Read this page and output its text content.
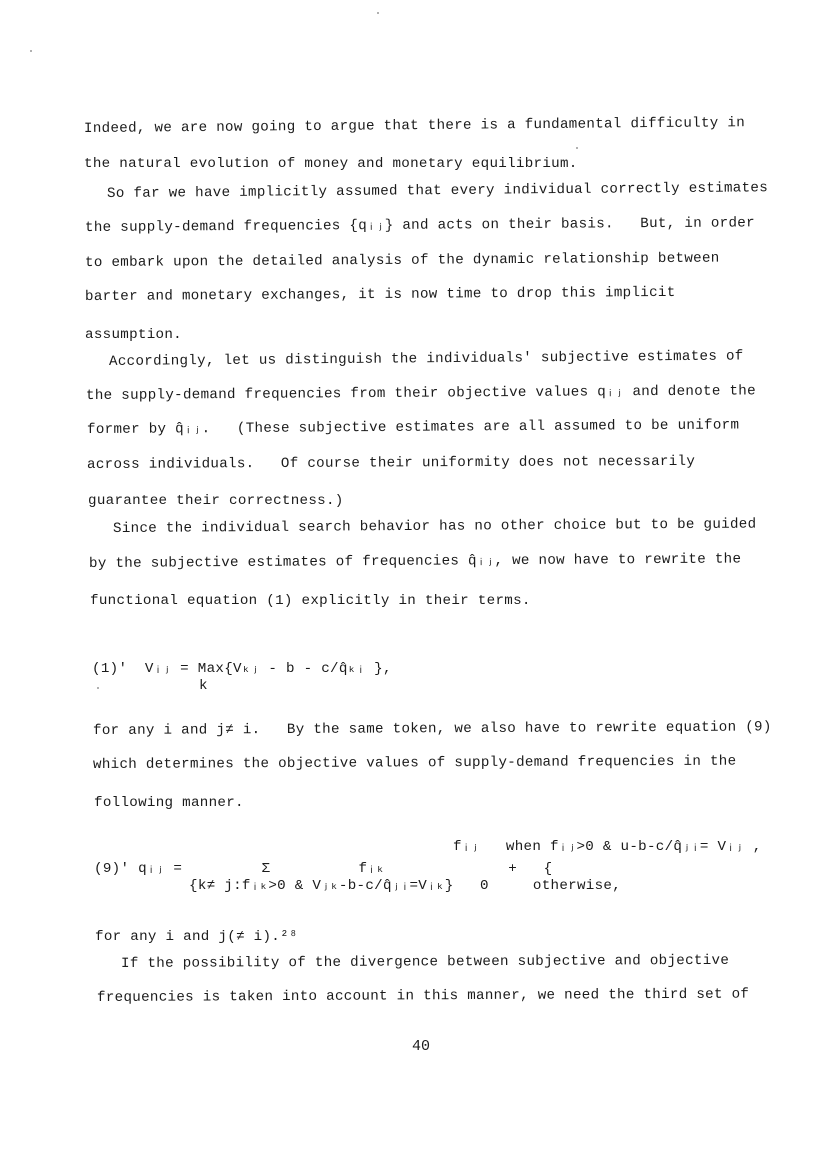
Indeed, we are now going to argue that there is a fundamental difficulty in
the natural evolution of money and monetary equilibrium.
So far we have implicitly assumed that every individual correctly estimates
the supply-demand frequencies {qᵢⱼ} and acts on their basis.   But, in order
to embark upon the detailed analysis of the dynamic relationship between
barter and monetary exchanges, it is now time to drop this implicit
assumption.
Accordingly, let us distinguish the individuals' subjective estimates of
the supply-demand frequencies from their objective values qᵢⱼ and denote the
former by q̂ᵢⱼ.   (These subjective estimates are all assumed to be uniform
across individuals.   Of course their uniformity does not necessarily
guarantee their correctness.)
Since the individual search behavior has no other choice but to be guided
by the subjective estimates of frequencies q̂ᵢⱼ, we now have to rewrite the
functional equation (1) explicitly in their terms.
(1)'  Vᵢⱼ = Max{Vₖⱼ - b - c/q̂ₖᵢ },
k
for any i and j≠ i.   By the same token, we also have to rewrite equation (9)
which determines the objective values of supply-demand frequencies in the
following manner.
fᵢⱼ   when fᵢⱼ>0 & u-b-c/q̂ⱼᵢ= Vᵢⱼ ,
(9)' qᵢⱼ =         Σ          fᵢₖ              +   {
{k≠ j:fᵢₖ>0 & Vⱼₖ-b-c/q̂ⱼᵢ=Vᵢₖ}   0     otherwise,
for any i and j(≠ i).²⁸
If the possibility of the divergence between subjective and objective
frequencies is taken into account in this manner, we need the third set of
40
